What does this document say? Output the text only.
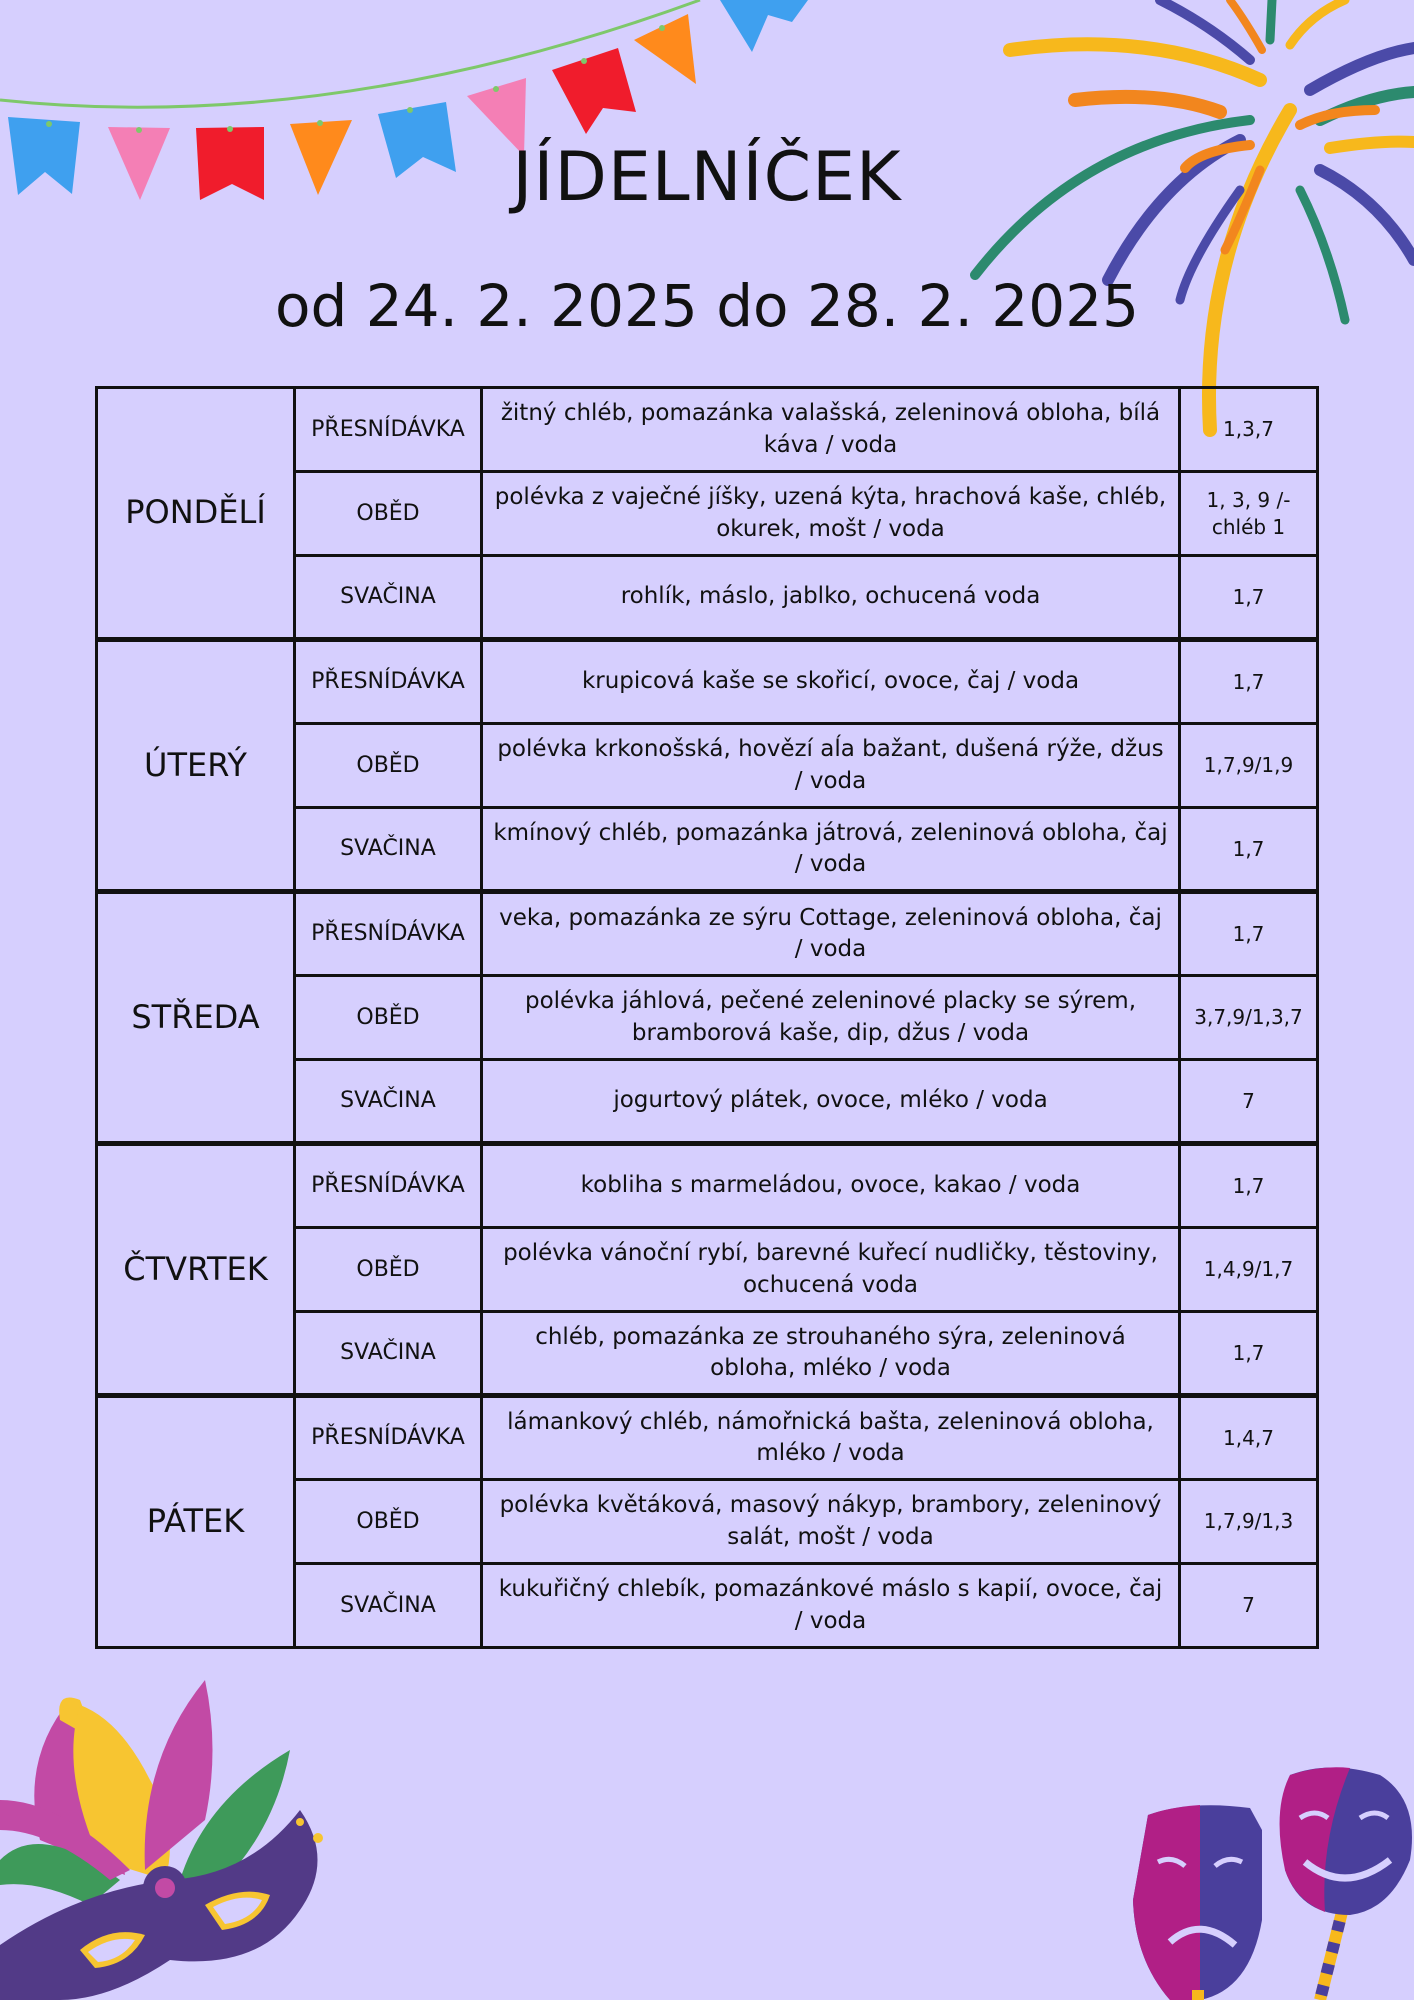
JÍDELNÍČEK
od 24. 2. 2025 do 28. 2. 2025
PONDĚLÍ	PŘESNÍDÁVKA	žitný chléb, pomazánka valašská, zeleninová obloha, bílá káva / voda	1,3,7
	OBĚD	polévka z vaječné jíšky, uzená kýta, hrachová kaše, chléb, okurek, mošt / voda	1, 3, 9 /- chléb 1
	SVAČINA	rohlík, máslo, jablko, ochucená voda	1,7
ÚTERÝ	PŘESNÍDÁVKA	krupicová kaše se skořicí, ovoce, čaj / voda	1,7
	OBĚD	polévka krkonošská, hovězí aĺa bažant, dušená rýže, džus / voda	1,7,9/1,9
	SVAČINA	kmínový chléb, pomazánka játrová, zeleninová obloha, čaj / voda	1,7
STŘEDA	PŘESNÍDÁVKA	veka, pomazánka ze sýru Cottage, zeleninová obloha, čaj / voda	1,7
	OBĚD	polévka jáhlová, pečené zeleninové placky se sýrem, bramborová kaše, dip, džus / voda	3,7,9/1,3,7
	SVAČINA	jogurtový plátek, ovoce, mléko / voda	7
ČTVRTEK	PŘESNÍDÁVKA	kobliha s marmeládou, ovoce, kakao / voda	1,7
	OBĚD	polévka vánoční rybí, barevné kuřecí nudličky, těstoviny, ochucená voda	1,4,9/1,7
	SVAČINA	chléb, pomazánka ze strouhaného sýra, zeleninová obloha, mléko / voda	1,7
PÁTEK	PŘESNÍDÁVKA	lámankový chléb, námořnická bašta, zeleninová obloha, mléko / voda	1,4,7
	OBĚD	polévka květáková, masový nákyp, brambory, zeleninový salát, mošt / voda	1,7,9/1,3
	SVAČINA	kukuřičný chlebík, pomazánkové máslo s kapií, ovoce, čaj / voda	7
